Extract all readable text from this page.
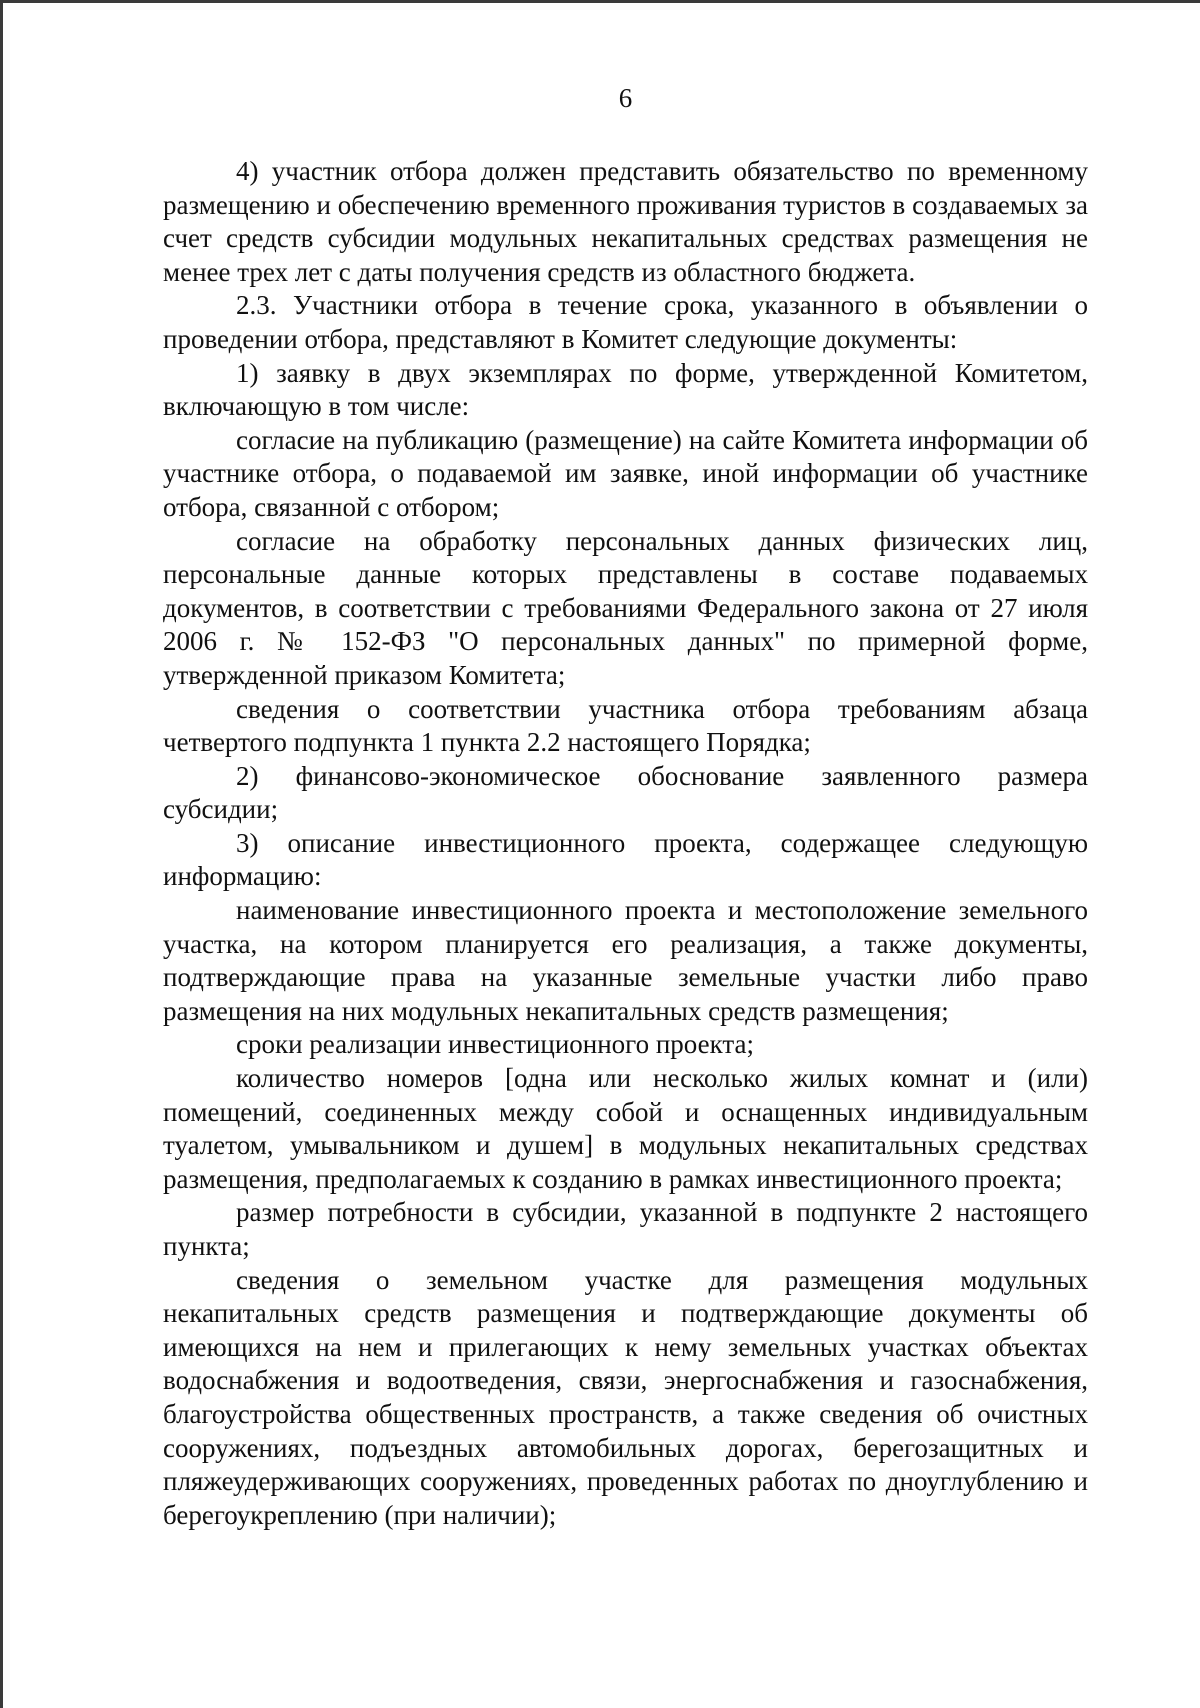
6

4) участник отбора должен представить обязательство по временному размещению и обеспечению временного проживания туристов в создаваемых за счет средств субсидии модульных некапитальных средствах размещения не менее трех лет с даты получения средств из областного бюджета.

2.3. Участники отбора в течение срока, указанного в объявлении о проведении отбора, представляют в Комитет следующие документы:

1) заявку в двух экземплярах по форме, утвержденной Комитетом, включающую в том числе:

согласие на публикацию (размещение) на сайте Комитета информации об участнике отбора, о подаваемой им заявке, иной информации об участнике отбора, связанной с отбором;

согласие на обработку персональных данных физических лиц, персональные данные которых представлены в составе подаваемых документов, в соответствии с требованиями Федерального закона от 27 июля 2006 г. № 152-ФЗ "О персональных данных" по примерной форме, утвержденной приказом Комитета;

сведения о соответствии участника отбора требованиям абзаца четвертого подпункта 1 пункта 2.2 настоящего Порядка;

2) финансово-экономическое обоснование заявленного размера субсидии;

3) описание инвестиционного проекта, содержащее следующую информацию:

наименование инвестиционного проекта и местоположение земельного участка, на котором планируется его реализация, а также документы, подтверждающие права на указанные земельные участки либо право размещения на них модульных некапитальных средств размещения;

сроки реализации инвестиционного проекта;

количество номеров [одна или несколько жилых комнат и (или) помещений, соединенных между собой и оснащенных индивидуальным туалетом, умывальником и душем] в модульных некапитальных средствах размещения, предполагаемых к созданию в рамках инвестиционного проекта;

размер потребности в субсидии, указанной в подпункте 2 настоящего пункта;

сведения о земельном участке для размещения модульных некапитальных средств размещения и подтверждающие документы об имеющихся на нем и прилегающих к нему земельных участках объектах водоснабжения и водоотведения, связи, энергоснабжения и газоснабжения, благоустройства общественных пространств, а также сведения об очистных сооружениях, подъездных автомобильных дорогах, берегозащитных и пляжеудерживающих сооружениях, проведенных работах по дноуглублению и берегоукреплению (при наличии);
